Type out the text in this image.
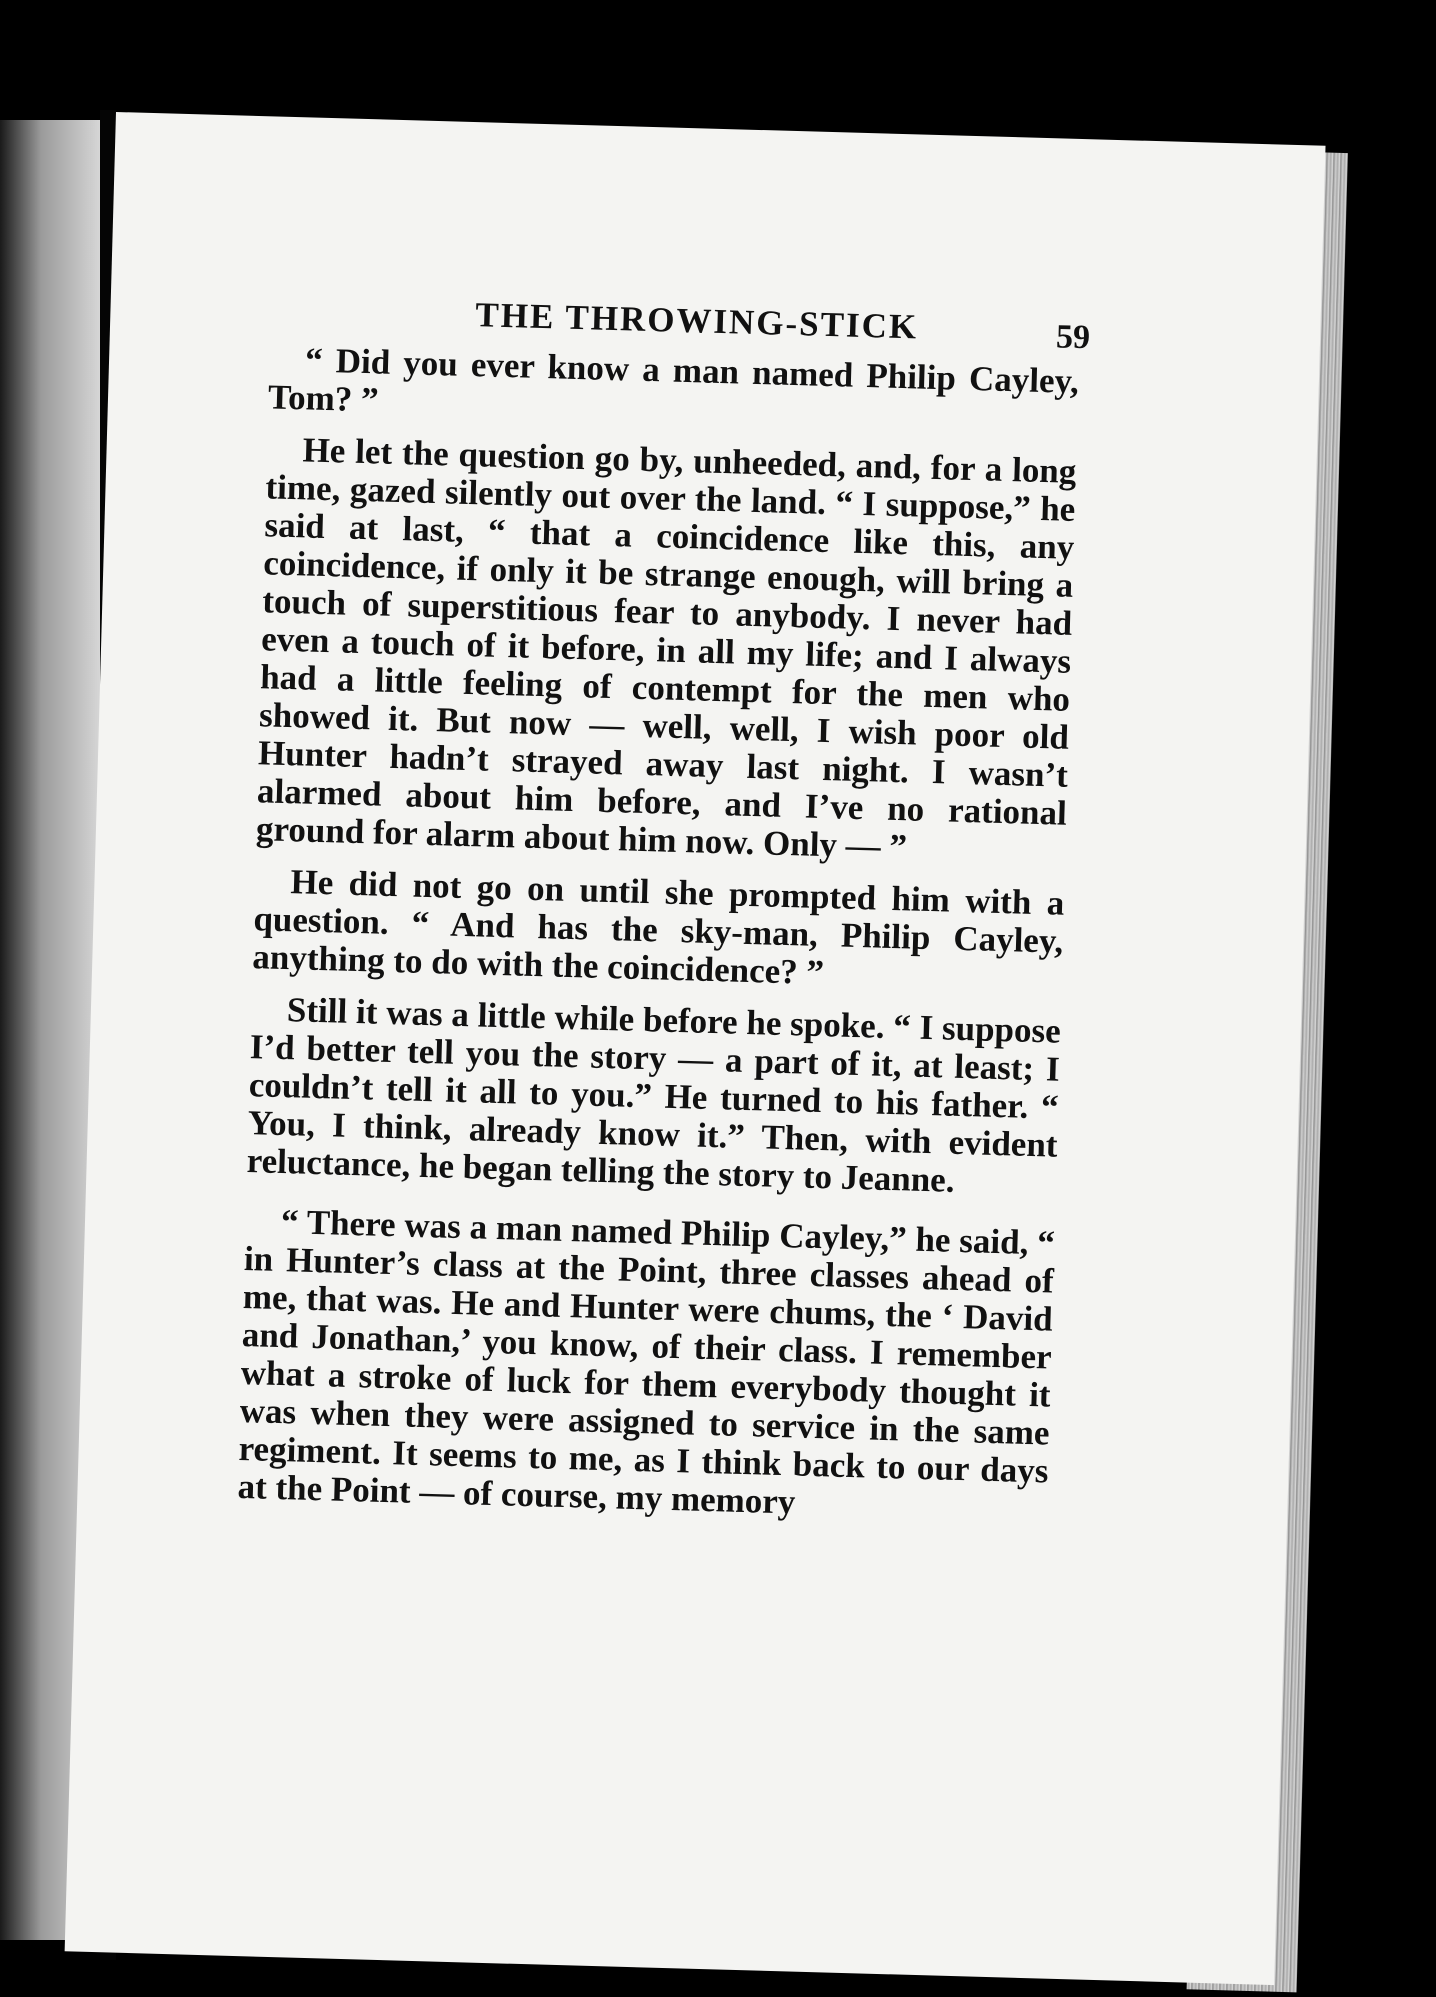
THE THROWING-STICK	59

“ Did you ever know a man named Philip Cayley, Tom? ”

He let the question go by, unheeded, and, for a long time, gazed silently out over the land. “ I suppose,” he said at last, “ that a coincidence like this, any coincidence, if only it be strange enough, will bring a touch of superstitious fear to anybody. I never had even a touch of it before, in all my life; and I always had a little feeling of contempt for the men who showed it. But now — well, well, I wish poor old Hunter hadn’t strayed away last night. I wasn’t alarmed about him before, and I’ve no rational ground for alarm about him now. Only — ”

He did not go on until she prompted him with a question. “ And has the sky-man, Philip Cayley, anything to do with the coincidence? ”

Still it was a little while before he spoke. “ I suppose I’d better tell you the story — a part of it, at least; I couldn’t tell it all to you.” He turned to his father. “ You, I think, already know it.” Then, with evident reluctance, he began telling the story to Jeanne.

“ There was a man named Philip Cayley,” he said, “ in Hunter’s class at the Point, three classes ahead of me, that was. He and Hunter were chums, the ‘ David and Jonathan,’ you know, of their class. I remember what a stroke of luck for them everybody thought it was when they were assigned to service in the same regiment. It seems to me, as I think back to our days at the Point — of course, my memory
